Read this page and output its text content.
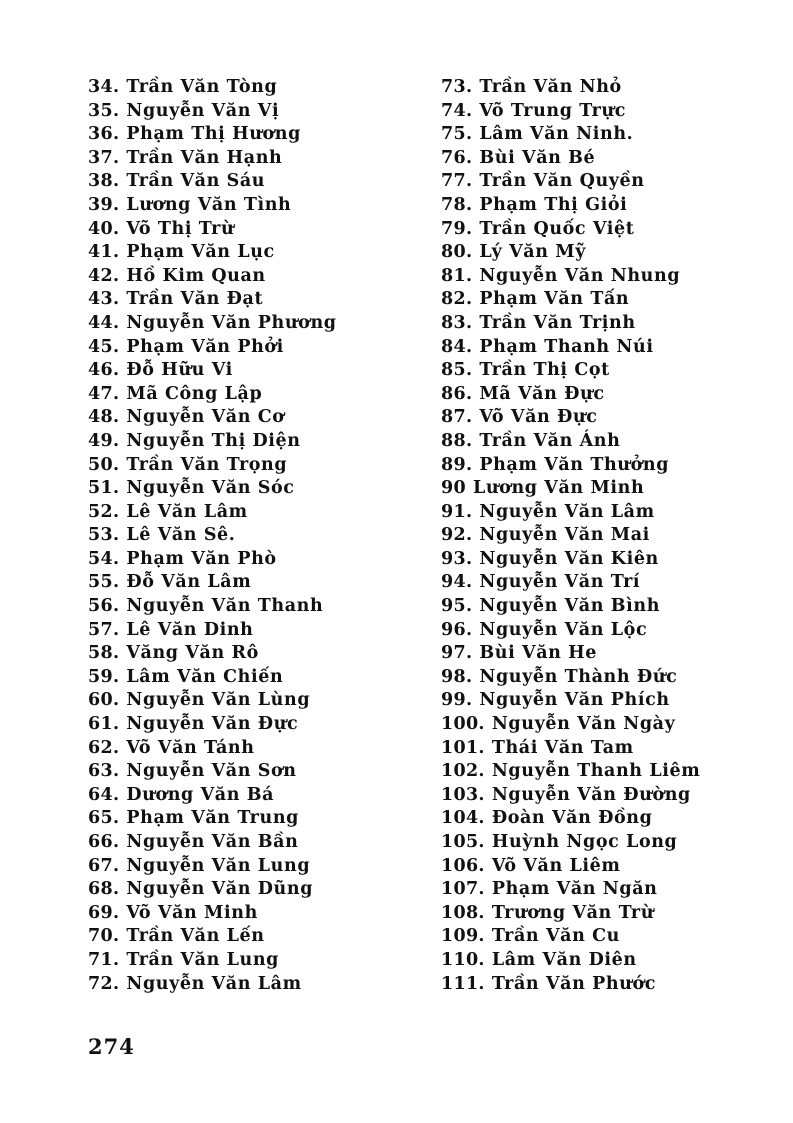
34. Trần Văn Tòng
35. Nguyễn Văn Vị
36. Phạm Thị Hương
37. Trần Văn Hạnh
38. Trần Văn Sáu
39. Lương Văn Tình
40. Võ Thị Trừ
41. Phạm Văn Lục
42. Hồ Kim Quan
43. Trần Văn Đạt
44. Nguyễn Văn Phương
45. Phạm Văn Phởi
46. Đỗ Hữu Vi
47. Mã Công Lập
48. Nguyễn Văn Cơ
49. Nguyễn Thị Diện
50. Trần Văn Trọng
51. Nguyễn Văn Sóc
52. Lê Văn Lâm
53. Lê Văn Sê.
54. Phạm Văn Phò
55. Đỗ Văn Lâm
56. Nguyễn Văn Thanh
57. Lê Văn Dinh
58. Văng Văn Rô
59. Lâm Văn Chiến
60. Nguyễn Văn Lùng
61. Nguyễn Văn Đực
62. Võ Văn Tánh
63. Nguyễn Văn Sơn
64. Dương Văn Bá
65. Phạm Văn Trung
66. Nguyễn Văn Bần
67. Nguyễn Văn Lung
68. Nguyễn Văn Dũng
69. Võ Văn Minh
70. Trần Văn Lến
71. Trần Văn Lung
72. Nguyễn Văn Lâm
73. Trần Văn Nhỏ
74. Võ Trung Trực
75. Lâm Văn Ninh.
76. Bùi Văn Bé
77. Trần Văn Quyền
78. Phạm Thị Giỏi
79. Trần Quốc Việt
80. Lý Văn Mỹ
81. Nguyễn Văn Nhung
82. Phạm Văn Tấn
83. Trần Văn Trịnh
84. Phạm Thanh Núi
85. Trần Thị Cọt
86. Mã Văn Đực
87. Võ Văn Đực
88. Trần Văn Ánh
89. Phạm Văn Thưởng
90 Lương Văn Minh
91. Nguyễn Văn Lâm
92. Nguyễn Văn Mai
93. Nguyễn Văn Kiên
94. Nguyễn Văn Trí
95. Nguyễn Văn Bình
96. Nguyễn Văn Lộc
97. Bùi Văn He
98. Nguyễn Thành Đức
99. Nguyễn Văn Phích
100. Nguyễn Văn Ngày
101. Thái Văn Tam
102. Nguyễn Thanh Liêm
103. Nguyễn Văn Đường
104. Đoàn Văn Đồng
105. Huỳnh Ngọc Long
106. Võ Văn Liêm
107. Phạm Văn Ngăn
108. Trương Văn Trừ
109. Trần Văn Cu
110. Lâm Văn Diên
111. Trần Văn Phước
274
